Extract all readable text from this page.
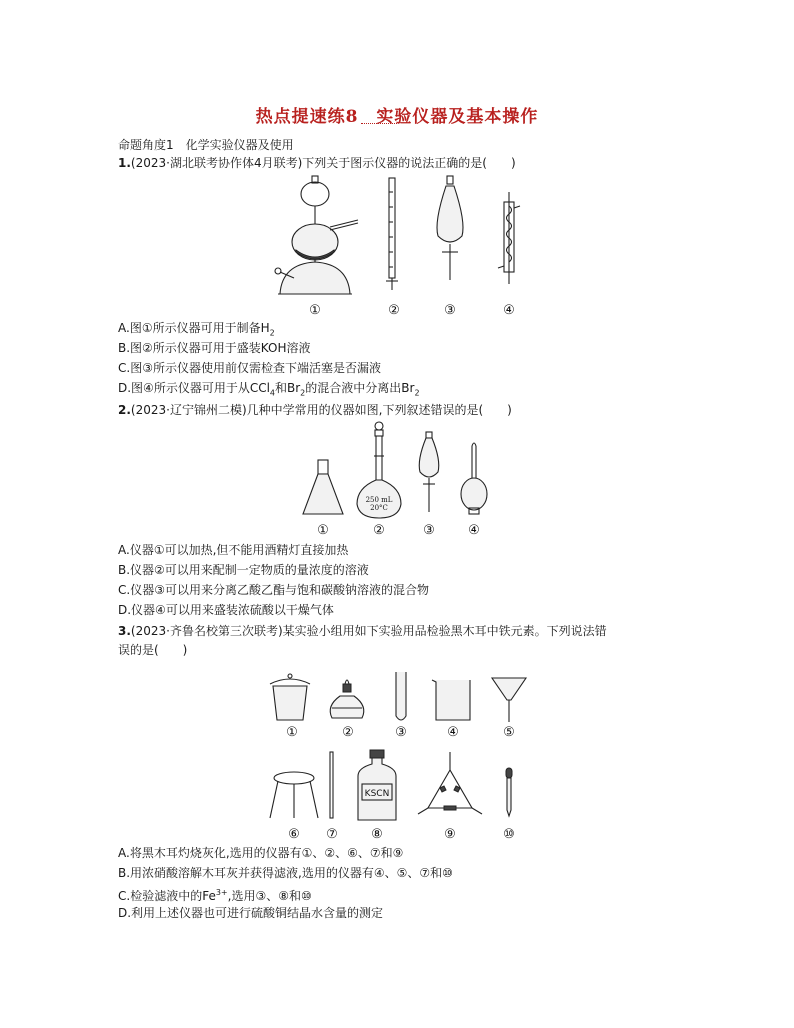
热点提速练8　实验仪器及基本操作
命题角度1　化学实验仪器及使用
1.(2023·湖北联考协作体4月联考)下列关于图示仪器的说法正确的是(　　)
①	②	③	④
A.图①所示仪器可用于制备$H_2$
B.图②所示仪器可用于盛装KOH溶液
C.图③所示仪器使用前仅需检查下端活塞是否漏液
D.图④所示仪器可用于从CCl$_4$和$Br_2$的混合液中分离出$Br_2$
2.(2023·辽宁锦州二模)几种中学常用的仪器如图,下列叙述错误的是(　　)
①
250 mL
20°C
②	③	④
A.仪器①可以加热,但不能用酒精灯直接加热
B.仪器②可以用来配制一定物质的量浓度的溶液
C.仪器③可以用来分离乙酸乙酯与饱和碳酸钠溶液的混合物
D.仪器④可以用来盛装浓硫酸以干燥气体
3.(2023·齐鲁名校第三次联考)某实验小组用如下实验用品检验黑木耳中铁元素。下列说法错
误的是(　　)
①	②	③	④	⑤
⑥ ⑦
KSCN
⑧	⑨	⑩
A.将黑木耳灼烧灰化,选用的仪器有①、②、⑥、⑦和⑨
B.用浓硝酸溶解木耳灰并获得滤液,选用的仪器有④、⑤、⑦和⑩
C.检验滤液中的$Fe^{3+}$,选用③、⑧和⑩
D.利用上述仪器也可进行硫酸铜结晶水含量的测定
